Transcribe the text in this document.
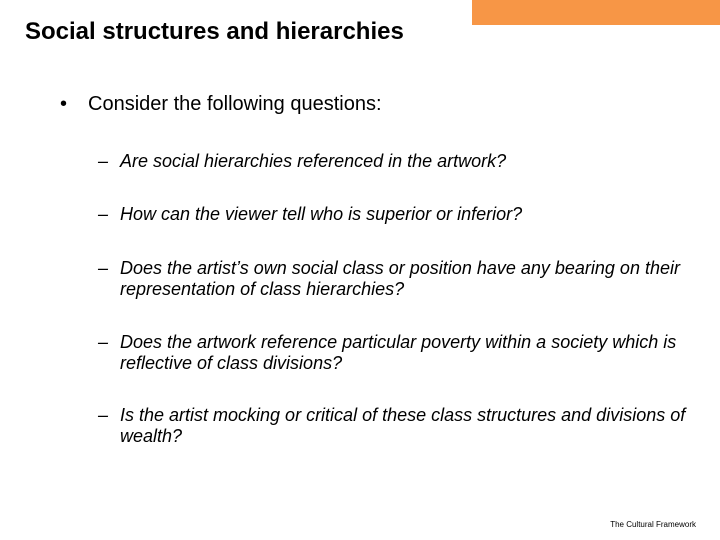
Social structures and hierarchies
• Consider the following questions:
– Are social hierarchies referenced in the artwork?
– How can the viewer tell who is superior or inferior?
– Does the artist’s own social class or position have any bearing on their representation of class hierarchies?
– Does the artwork reference particular poverty within a society which is reflective of class divisions?
– Is the artist mocking or critical of these class structures and divisions of wealth?
The Cultural Framework
